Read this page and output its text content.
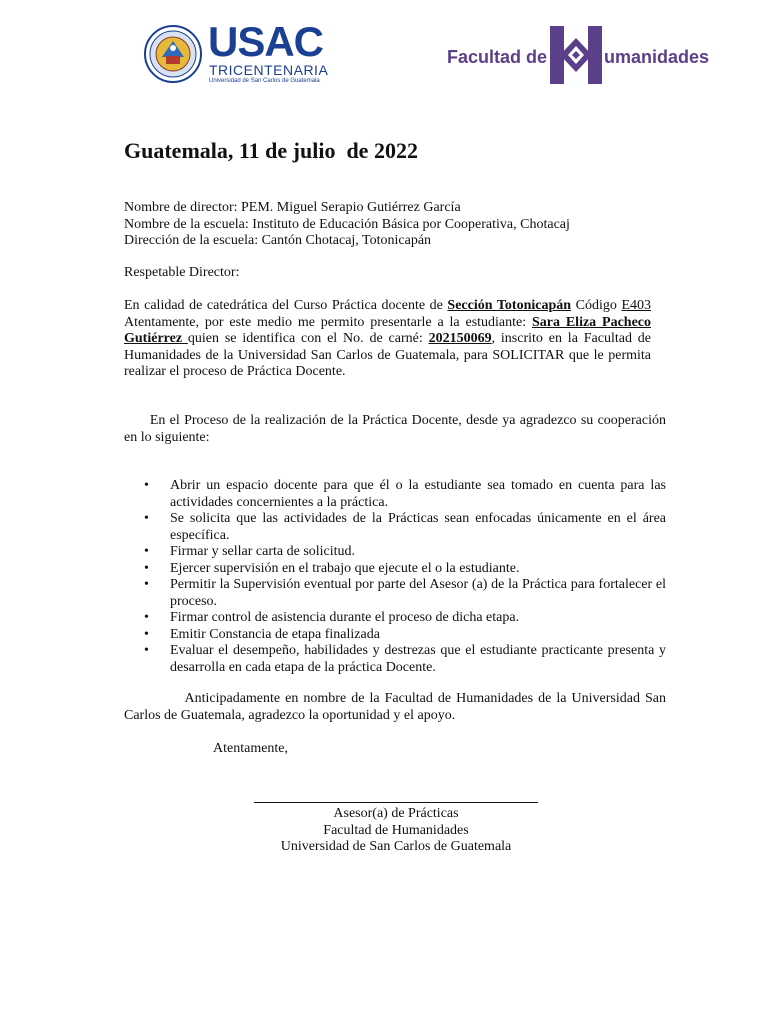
USAC
TRICENTENARIA
Universidad de San Carlos de Guatemala
Facultad de	umanidades
Guatemala, 11 de julio  de 2022
Nombre de director: PEM. Miguel Serapio Gutiérrez García
Nombre de la escuela: Instituto de Educación Básica por Cooperativa, Chotacaj
Dirección de la escuela: Cantón Chotacaj, Totonicapán
Respetable Director:
En calidad de catedrática del Curso Práctica docente de Sección Totonicapán Código E403 Atentamente, por este medio me permito presentarle a la estudiante: Sara Eliza Pacheco Gutiérrez quien se identifica con el No. de carné: 202150069, inscrito en la Facultad de Humanidades de la Universidad San Carlos de Guatemala, para SOLICITAR que le permita realizar el proceso de Práctica Docente.
En el Proceso de la realización de la Práctica Docente, desde ya agradezco su cooperación en lo siguiente:
• Abrir un espacio docente para que él o la estudiante sea tomado en cuenta para las actividades concernientes a la práctica.
• Se solicita que las actividades de la Prácticas sean enfocadas únicamente en el área específica.
• Firmar y sellar carta de solicitud.
• Ejercer supervisión en el trabajo que ejecute el o la estudiante.
• Permitir la Supervisión eventual por parte del Asesor (a) de la Práctica para fortalecer el proceso.
• Firmar control de asistencia durante el proceso de dicha etapa.
• Emitir Constancia de etapa finalizada
• Evaluar el desempeño, habilidades y destrezas que el estudiante practicante presenta y desarrolla en cada etapa de la práctica Docente.
Anticipadamente en nombre de la Facultad de Humanidades de la Universidad San Carlos de Guatemala, agradezco la oportunidad y el apoyo.
Atentamente,
Asesor(a) de Prácticas
Facultad de Humanidades
Universidad de San Carlos de Guatemala
